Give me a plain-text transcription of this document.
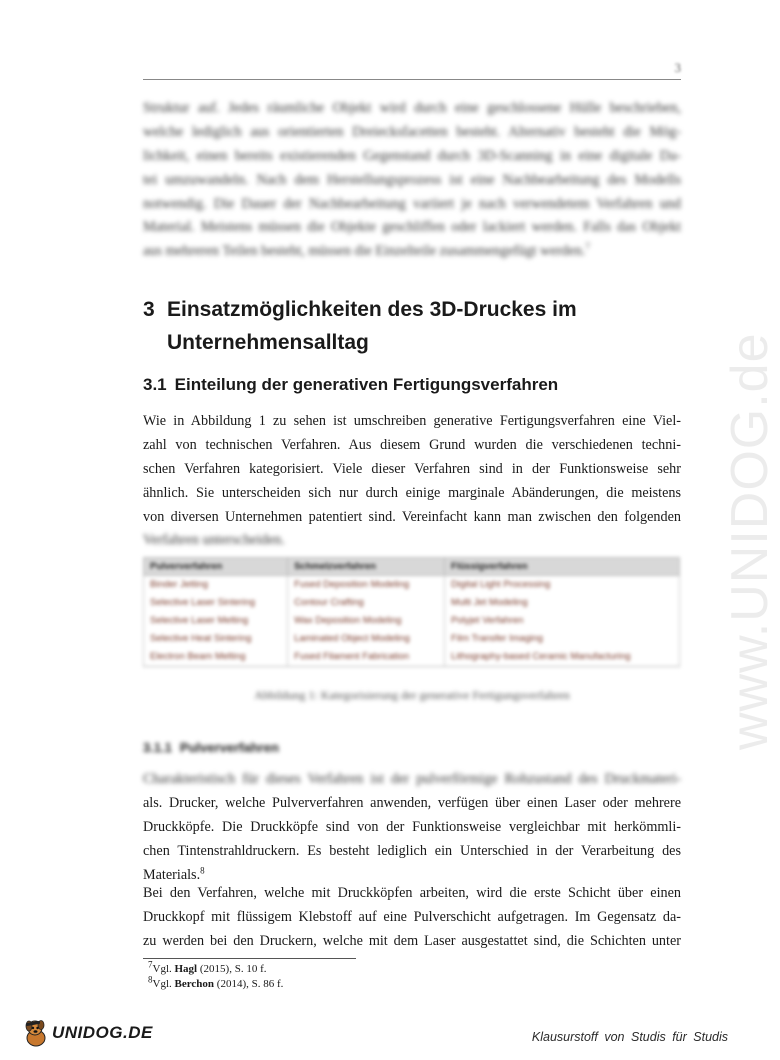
3
www.UNIDOG.de
Struktur auf. Jedes räumliche Objekt wird durch eine geschlossene Hülle beschrieben,
welche lediglich aus orientierten Dreiecksfacetten besteht. Alternativ besteht die Mög-
lichkeit, einen bereits existierenden Gegenstand durch 3D-Scanning in eine digitale Da-
tei umzuwandeln. Nach dem Herstellungsprozess ist eine Nachbearbeitung des Modells
notwendig. Die Dauer der Nachbearbeitung variiert je nach verwendetem Verfahren und
Material. Meistens müssen die Objekte geschliffen oder lackiert werden. Falls das Objekt
aus mehreren Teilen besteht, müssen die Einzelteile zusammengefügt werden.$^7$
3 Einsatzmöglichkeiten des 3D-Druckes im
Unternehmensalltag
3.1 Einteilung der generativen Fertigungsverfahren
Wie in Abbildung 1 zu sehen ist umschreiben generative Fertigungsverfahren eine Viel-
zahl von technischen Verfahren. Aus diesem Grund wurden die verschiedenen techni-
schen Verfahren kategorisiert. Viele dieser Verfahren sind in der Funktionsweise sehr
ähnlich. Sie unterscheiden sich nur durch einige marginale Abänderungen, die meistens
von diversen Unternehmen patentiert sind. Vereinfacht kann man zwischen den folgenden
Verfahren unterscheiden.
Pulververfahren	Schmelzverfahren	Flüssigverfahren
Binder Jetting	Fused Deposition Modeling	Digital Light Processing
Selective Laser Sintering	Contour Crafting	Multi Jet Modeling
Selective Laser Melting	Wax Deposition Modeling	Polyjet Verfahren
Selective Heat Sintering	Laminated Object Modeling	Film Transfer Imaging
Electron Beam Melting	Fused Filament Fabrication	Lithography-based Ceramic Manufacturing
Abbildung 1: Kategorisierung der generative Fertigungsverfahren
3.1.1 Pulververfahren
Charakteristisch für dieses Verfahren ist der pulverförmige Rohzustand des Druckmateri-
als. Drucker, welche Pulververfahren anwenden, verfügen über einen Laser oder mehrere
Druckköpfe. Die Druckköpfe sind von der Funktionsweise vergleichbar mit herkömmli-
chen Tintenstrahldruckern. Es besteht lediglich ein Unterschied in der Verarbeitung des
Materials.$^8$
Bei den Verfahren, welche mit Druckköpfen arbeiten, wird die erste Schicht über einen
Druckkopf mit flüssigem Klebstoff auf eine Pulverschicht aufgetragen. Im Gegensatz da-
zu werden bei den Druckern, welche mit dem Laser ausgestattet sind, die Schichten unter
$^7$Vgl. Hagl (2015), S. 10 f.
$^8$Vgl. Berchon (2014), S. 86 f.
UNIDOG.DE	Klausurstoff von Studis für Studis
